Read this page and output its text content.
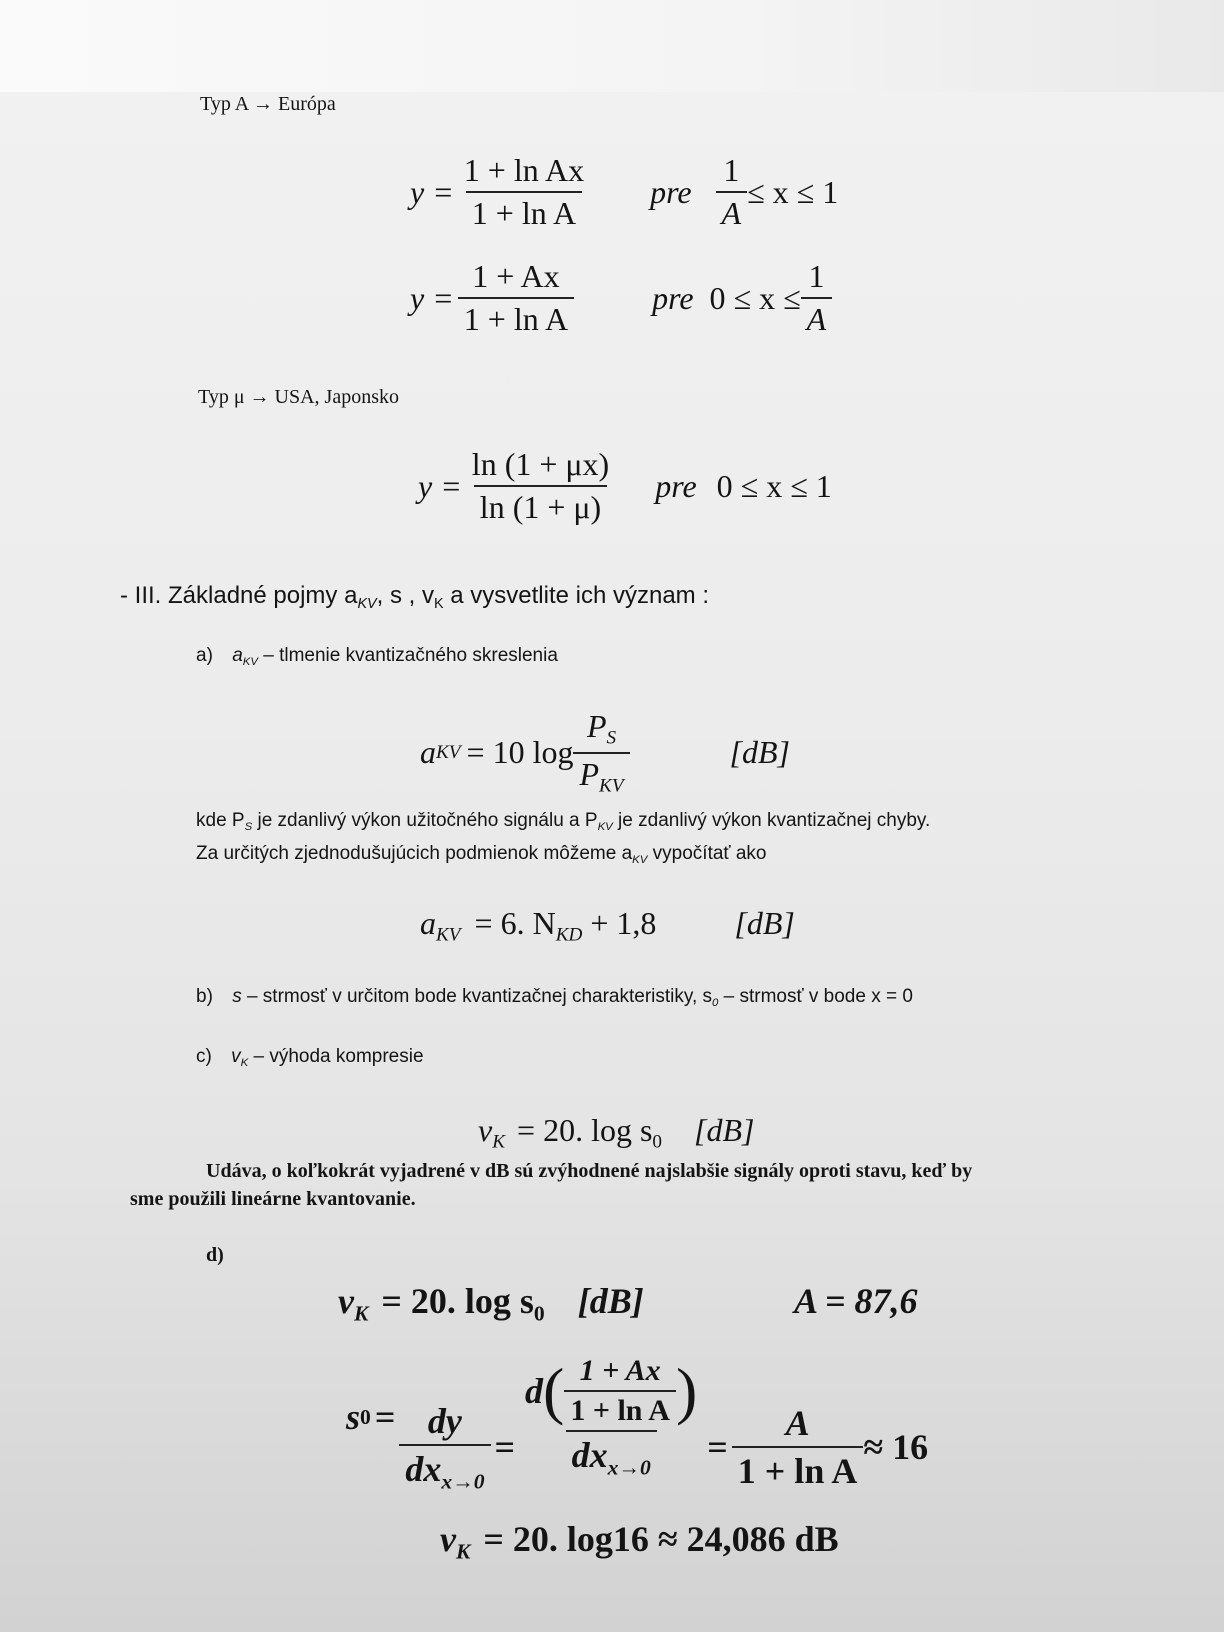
Typ A → Európa
$y = \frac{\text{1 + ln Ax}}{\text{1 + ln A}}$ pre $\frac{1}{A} \le x \le 1$
$y = \frac{1 + Ax}{\text{1 + ln A}}$ pre $0 \le x \le \frac{1}{A}$
Typ μ → USA, Japonsko
$y = \frac{\ln (1 + \mu x)}{\ln (1 + \mu)}$ pre 0 ≤ x ≤ 1
- III. Základné pojmy $a_{KV}$, s , $v_K$ a vysvetlite ich význam :
a) $a_{KV}$ – tlmenie kvantizačného skreslenia
a KV = 10 $\log \frac{P_S}{P_{KV}}$	[dB]
kde $P_S$ je zdanlivý výkon užitočného signálu a $P_{KV}$ je zdanlivý výkon kvantizačnej chyby.
Za určitých zjednodušujúcich podmienok môžeme $a_{KV}$ vypočítať ako
$a_{KV} = 6$. $N_{KD} + 1,8$ [dB]
b) s – strmosť v určitom bode kvantizačnej charakteristiky, $s_0$ – strmosť v bode x = 0
c) $v_K$ – výhoda kompresie
$v_K = 20$. $\log s_0$ [dB]
Udáva, o koľkokrát vyjadrené v dB sú zvýhodnené najslabšie signály oproti stavu, keď by
sme použili lineárne kvantovanie.
d)
$v_K = 20$. $\log s_0$ [dB]	A = 87,6
s $0 = \frac{dy}{dx_{x\to 0}}$ =
d ( $\frac{1 + Ax}{\text{1 + ln A}}$ )
$dx_{x\to 0}$
= $\frac{A}{\text{1 + ln A}} \approx 16$
$v_K = 20$. log16 ≈ 24,086 dB
